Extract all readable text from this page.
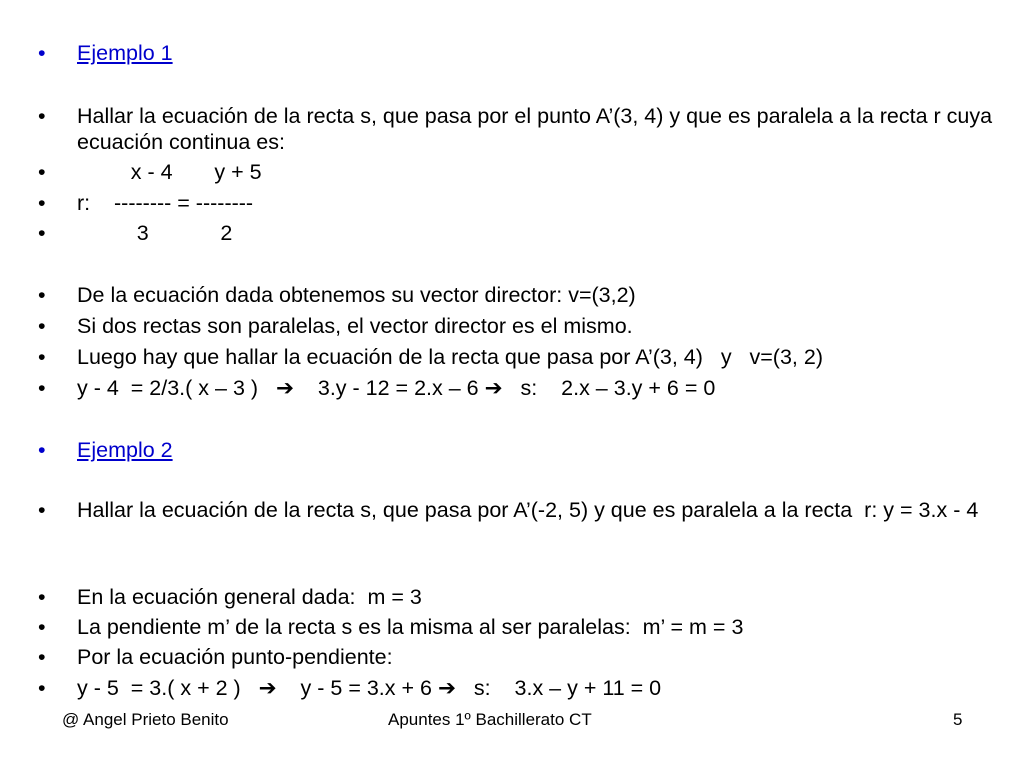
•	Ejemplo 1
•	Hallar la ecuación de la recta s, que pasa por el punto A’(3, 4) y que es paralela a la recta r cuya ecuación continua es:
•	x - 4       y + 5
•	r:    -------- = --------
•	3            2
•	De la ecuación dada obtenemos su vector director: v=(3,2)
•	Si dos rectas son paralelas, el vector director es el mismo.
•	Luego hay que hallar la ecuación de la recta que pasa por A’(3, 4)   y   v=(3, 2)
•	y - 4  = 2/3.( x – 3 )   ➔    3.y - 12 = 2.x – 6 ➔   s:    2.x – 3.y + 6 = 0
•	Ejemplo 2
•	Hallar la ecuación de la recta s, que pasa por A’(-2, 5) y que es paralela a la recta  r: y = 3.x - 4
•	En la ecuación general dada:  m = 3
•	La pendiente m’ de la recta s es la misma al ser paralelas:  m’ = m = 3
•	Por la ecuación punto-pendiente:
•	y - 5  = 3.( x + 2 )   ➔    y - 5 = 3.x + 6 ➔   s:    3.x – y + 11 = 0
@ Angel Prieto Benito	Apuntes 1º Bachillerato CT	5
